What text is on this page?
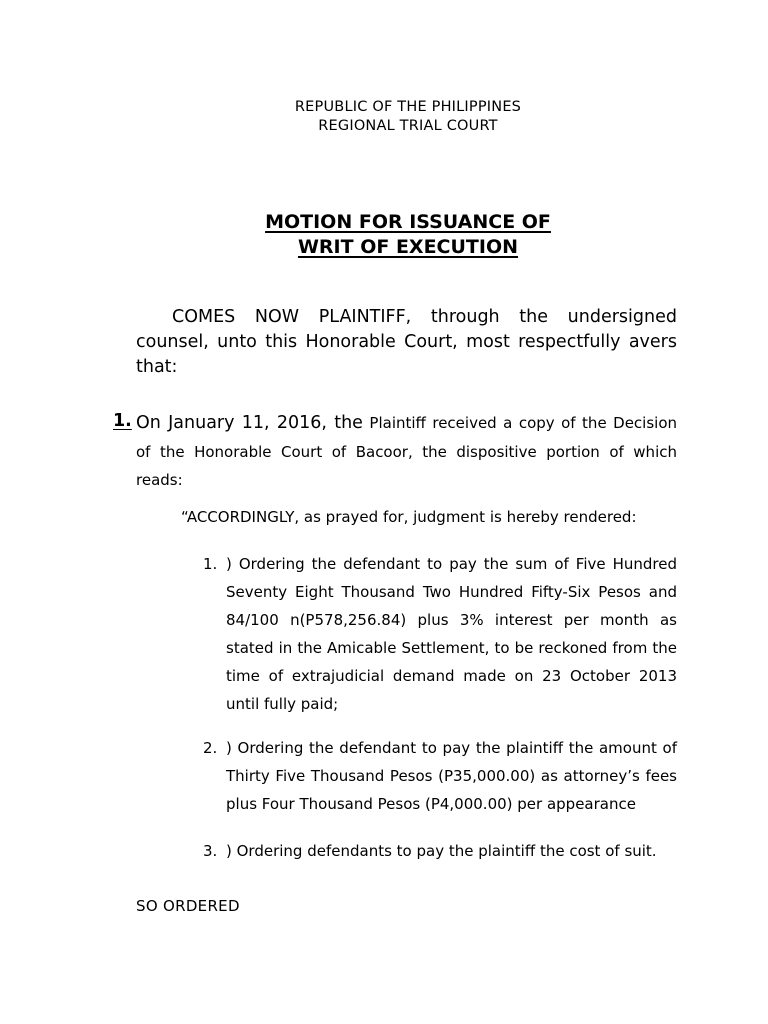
REPUBLIC OF THE PHILIPPINES
REGIONAL TRIAL COURT
MOTION FOR ISSUANCE OF
WRIT OF EXECUTION
COMES NOW PLAINTIFF, through the undersigned counsel, unto this Honorable Court, most respectfully avers that:
1. On January 11, 2016, the Plaintiff received a copy of the Decision of the Honorable Court of Bacoor, the dispositive portion of which reads:
“ACCORDINGLY, as prayed for, judgment is hereby rendered:
1. ) Ordering the defendant to pay the sum of Five Hundred Seventy Eight Thousand Two Hundred Fifty-Six Pesos and 84/100 n(P578,256.84) plus 3% interest per month as stated in the Amicable Settlement, to be reckoned from the time of extrajudicial demand made on 23 October 2013 until fully paid;
2. ) Ordering the defendant to pay the plaintiff the amount of Thirty Five Thousand Pesos (P35,000.00) as attorney’s fees plus Four Thousand Pesos (P4,000.00) per appearance
3. ) Ordering defendants to pay the plaintiff the cost of suit.
SO ORDERED
